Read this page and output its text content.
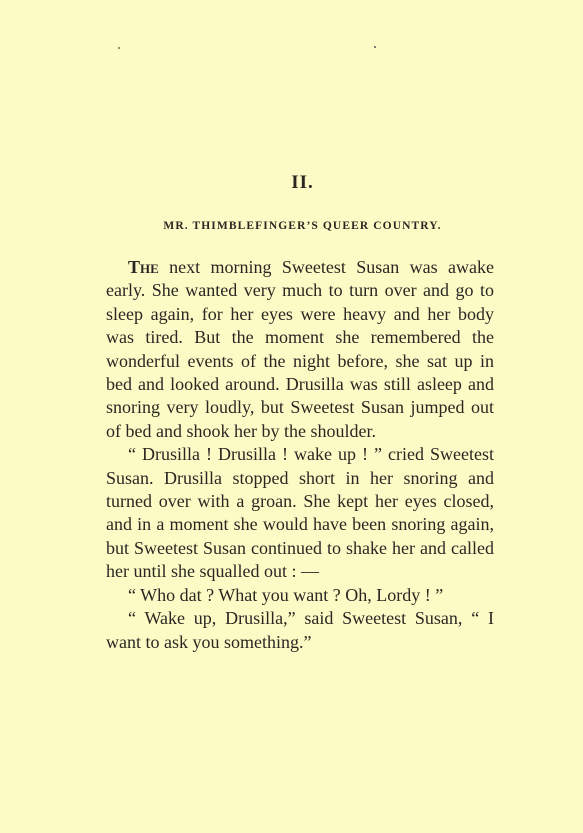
II.
MR. THIMBLEFINGER’S QUEER COUNTRY.

The next morning Sweetest Susan was awake early. She wanted very much to turn over and go to sleep again, for her eyes were heavy and her body was tired. But the moment she remembered the wonderful events of the night before, she sat up in bed and looked around. Drusilla was still asleep and snoring very loudly, but Sweetest Susan jumped out of bed and shook her by the shoulder.

“ Drusilla ! Drusilla ! wake up ! ” cried Sweetest Susan. Drusilla stopped short in her snoring and turned over with a groan. She kept her eyes closed, and in a moment she would have been snoring again, but Sweetest Susan continued to shake her and called her until she squalled out : —

“ Who dat ? What you want ? Oh, Lordy ! ”

“ Wake up, Drusilla,” said Sweetest Susan, “ I want to ask you something.”
